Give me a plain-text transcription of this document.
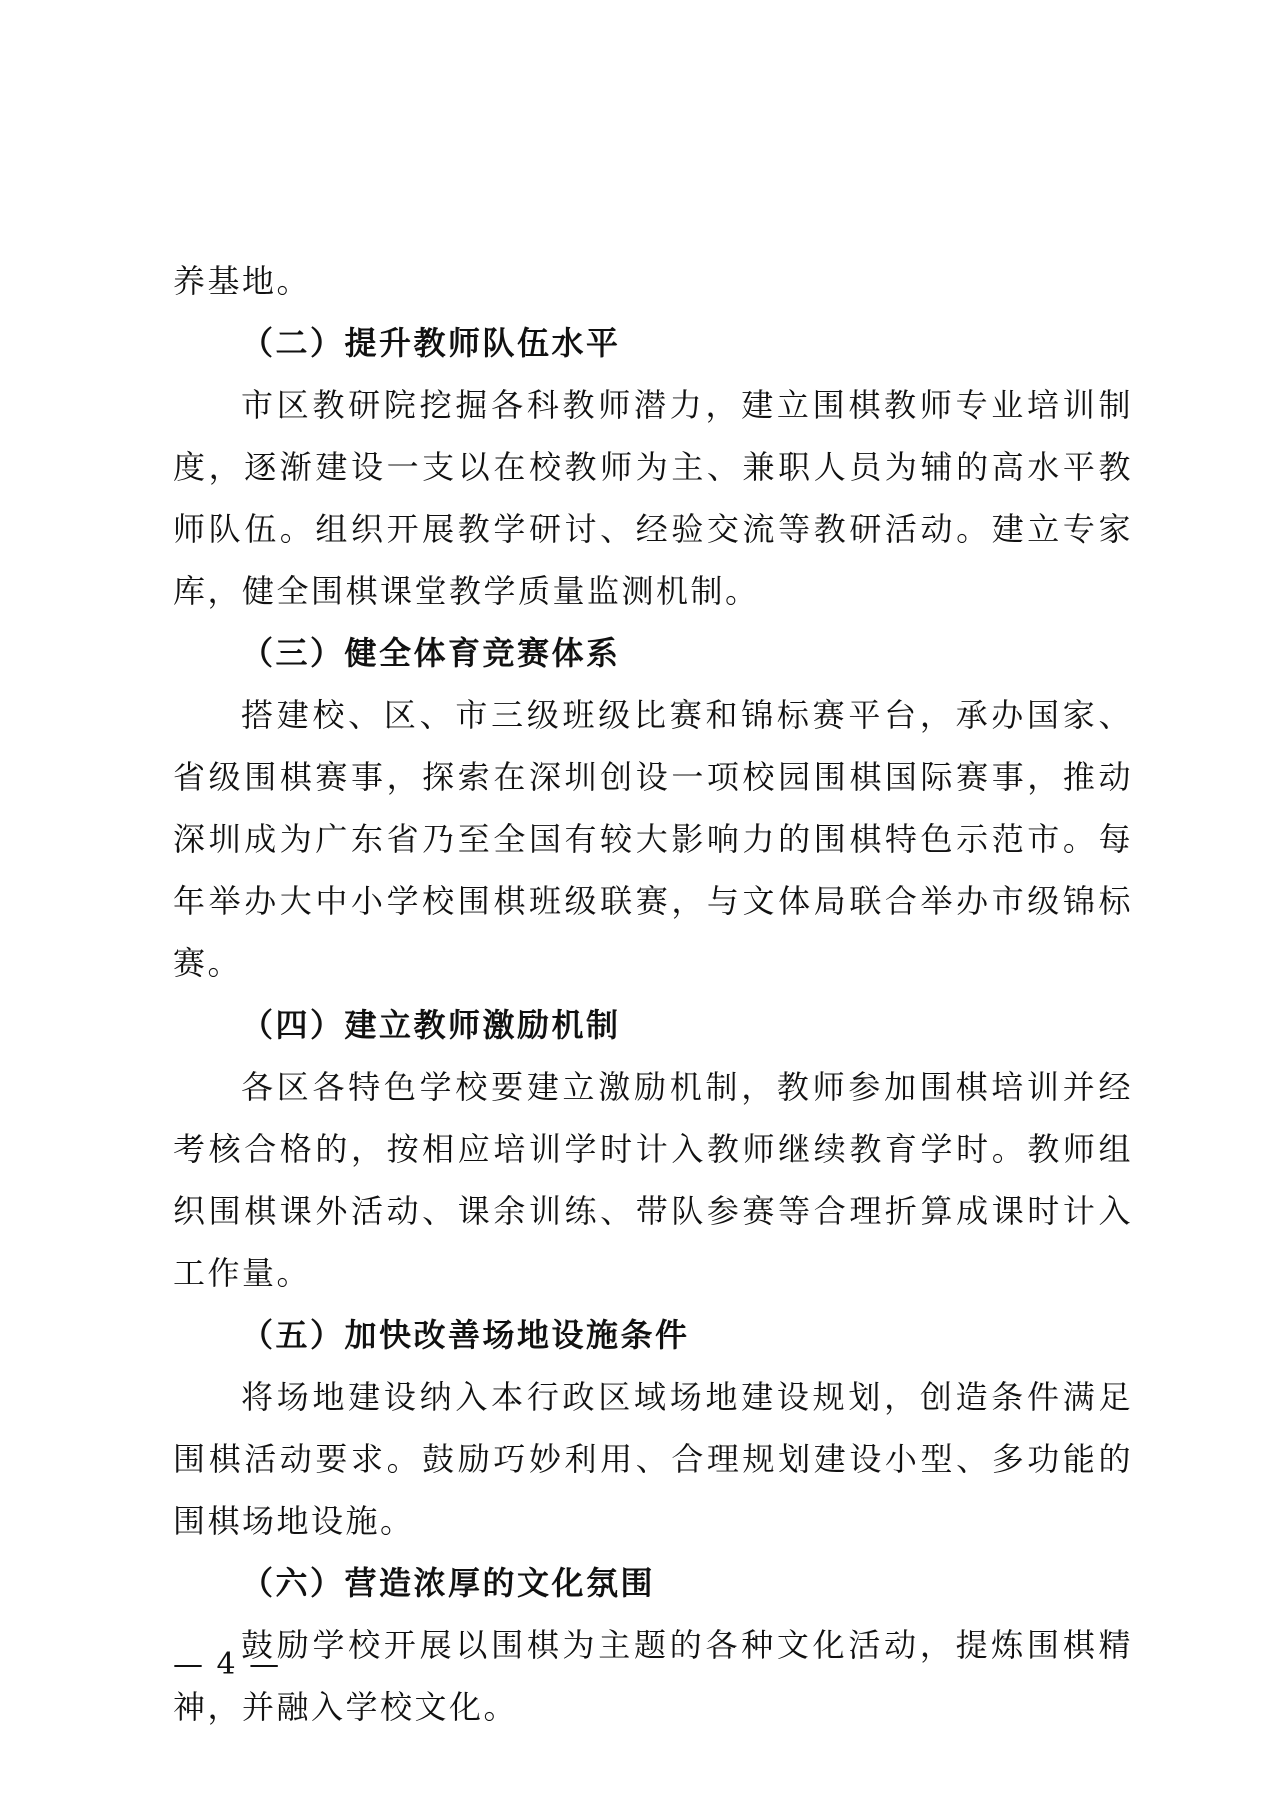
养基地。

（二）提升教师队伍水平

市区教研院挖掘各科教师潜力，建立围棋教师专业培训制度，逐渐建设一支以在校教师为主、兼职人员为辅的高水平教师队伍。组织开展教学研讨、经验交流等教研活动。建立专家库，健全围棋课堂教学质量监测机制。

（三）健全体育竞赛体系

搭建校、区、市三级班级比赛和锦标赛平台，承办国家、省级围棋赛事，探索在深圳创设一项校园围棋国际赛事，推动深圳成为广东省乃至全国有较大影响力的围棋特色示范市。每年举办大中小学校围棋班级联赛，与文体局联合举办市级锦标赛。

（四）建立教师激励机制

各区各特色学校要建立激励机制，教师参加围棋培训并经考核合格的，按相应培训学时计入教师继续教育学时。教师组织围棋课外活动、课余训练、带队参赛等合理折算成课时计入工作量。

（五）加快改善场地设施条件

将场地建设纳入本行政区域场地建设规划，创造条件满足围棋活动要求。鼓励巧妙利用、合理规划建设小型、多功能的围棋场地设施。

（六）营造浓厚的文化氛围

鼓励学校开展以围棋为主题的各种文化活动，提炼围棋精神，并融入学校文化。

— 4 —
